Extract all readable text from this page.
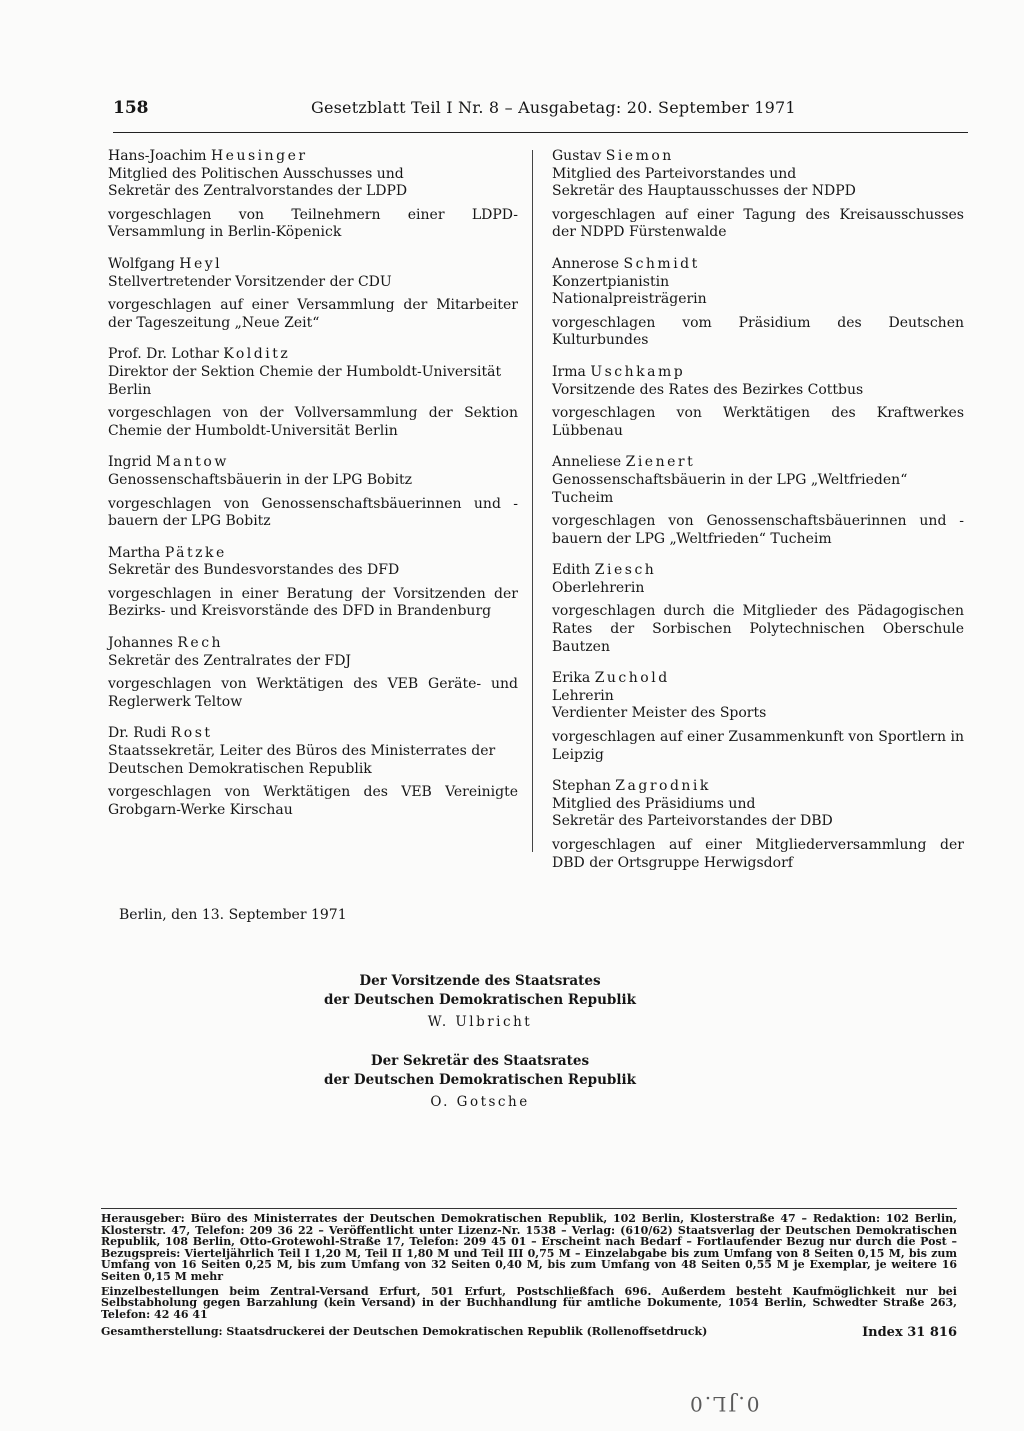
158	Gesetzblatt Teil I Nr. 8 – Ausgabetag: 20. September 1971
Hans-Joachim Heusinger
Mitglied des Politischen Ausschusses und
Sekretär des Zentralvorstandes der LDPD
vorgeschlagen von Teilnehmern einer LDPD-Versammlung in Berlin-Köpenick
Wolfgang Heyl
Stellvertretender Vorsitzender der CDU
vorgeschlagen auf einer Versammlung der Mitarbeiter der Tageszeitung „Neue Zeit“
Prof. Dr. Lothar Kolditz
Direktor der Sektion Chemie der Humboldt-Universität Berlin
vorgeschlagen von der Vollversammlung der Sektion Chemie der Humboldt-Universität Berlin
Ingrid Mantow
Genossenschaftsbäuerin in der LPG Bobitz
vorgeschlagen von Genossenschaftsbäuerinnen und -bauern der LPG Bobitz
Martha Pätzke
Sekretär des Bundesvorstandes des DFD
vorgeschlagen in einer Beratung der Vorsitzenden der Bezirks- und Kreisvorstände des DFD in Brandenburg
Johannes Rech
Sekretär des Zentralrates der FDJ
vorgeschlagen von Werktätigen des VEB Geräte- und Reglerwerk Teltow
Dr. Rudi Rost
Staatssekretär, Leiter des Büros des Ministerrates der Deutschen Demokratischen Republik
vorgeschlagen von Werktätigen des VEB Vereinigte Grobgarn-Werke Kirschau
Gustav Siemon
Mitglied des Parteivorstandes und
Sekretär des Hauptausschusses der NDPD
vorgeschlagen auf einer Tagung des Kreisausschusses der NDPD Fürstenwalde
Annerose Schmidt
Konzertpianistin
Nationalpreisträgerin
vorgeschlagen vom Präsidium des Deutschen Kulturbundes
Irma Uschkamp
Vorsitzende des Rates des Bezirkes Cottbus
vorgeschlagen von Werktätigen des Kraftwerkes Lübbenau
Anneliese Zienert
Genossenschaftsbäuerin in der LPG „Weltfrieden“ Tucheim
vorgeschlagen von Genossenschaftsbäuerinnen und -bauern der LPG „Weltfrieden“ Tucheim
Edith Ziesch
Oberlehrerin
vorgeschlagen durch die Mitglieder des Pädagogischen Rates der Sorbischen Polytechnischen Oberschule Bautzen
Erika Zuchold
Lehrerin
Verdienter Meister des Sports
vorgeschlagen auf einer Zusammenkunft von Sportlern in Leipzig
Stephan Zagrodnik
Mitglied des Präsidiums und
Sekretär des Parteivorstandes der DBD
vorgeschlagen auf einer Mitgliederversammlung der DBD der Ortsgruppe Herwigsdorf
Berlin, den 13. September 1971
Der Vorsitzende des Staatsrates
der Deutschen Demokratischen Republik
W. Ulbricht
Der Sekretär des Staatsrates
der Deutschen Demokratischen Republik
O. Gotsche

Herausgeber: Büro des Ministerrates der Deutschen Demokratischen Republik, 102 Berlin, Klosterstraße 47 – Redaktion: 102 Berlin, Klosterstr. 47, Telefon: 209 36 22 – Veröffentlicht unter Lizenz-Nr. 1538 – Verlag: (610/62) Staatsverlag der Deutschen Demokratischen Republik, 108 Berlin, Otto-Grotewohl-Straße 17, Telefon: 209 45 01 – Erscheint nach Bedarf – Fortlaufender Bezug nur durch die Post – Bezugspreis: Vierteljährlich Teil I 1,20 M, Teil II 1,80 M und Teil III 0,75 M – Einzelabgabe bis zum Umfang von 8 Seiten 0,15 M, bis zum Umfang von 16 Seiten 0,25 M, bis zum Umfang von 32 Seiten 0,40 M, bis zum Umfang von 48 Seiten 0,55 M je Exemplar, je weitere 16 Seiten 0,15 M mehr

Einzelbestellungen beim Zentral-Versand Erfurt, 501 Erfurt, Postschließfach 696. Außerdem besteht Kaufmöglichkeit nur bei Selbstabholung gegen Barzahlung (kein Versand) in der Buchhandlung für amtliche Dokumente, 1054 Berlin, Schwedter Straße 263, Telefon: 42 46 41

Gesamtherstellung: Staatsdruckerei der Deutschen Demokratischen Republik (Rollenoffsetdruck)	Index 31 816
0.JL.0
